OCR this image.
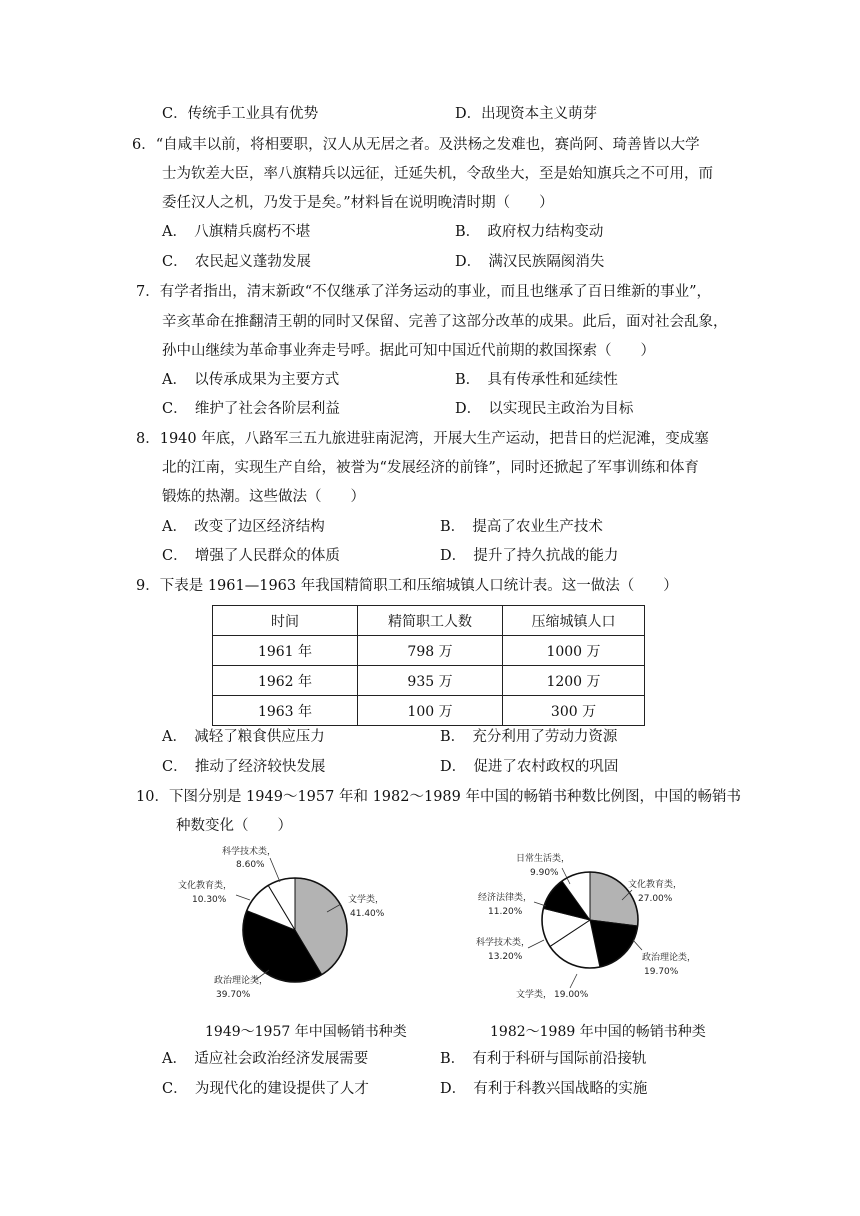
C．传统手工业具有优势	D．出现资本主义萌芽
6．“自咸丰以前，将相要职，汉人从无居之者。及洪杨之发难也，赛尚阿、琦善皆以大学
士为钦差大臣，率八旗精兵以远征，迁延失机，令敌坐大，至是始知旗兵之不可用，而
委任汉人之机，乃发于是矣。”材料旨在说明晚清时期（　　）
A．　八旗精兵腐朽不堪	B．　政府权力结构变动
C．　农民起义蓬勃发展	D．　满汉民族隔阂消失
7．有学者指出，清末新政“不仅继承了洋务运动的事业，而且也继承了百日维新的事业”，
辛亥革命在推翻清王朝的同时又保留、完善了这部分改革的成果。此后，面对社会乱象，
孙中山继续为革命事业奔走号呼。据此可知中国近代前期的救国探索（　　）
A．　以传承成果为主要方式	B．　具有传承性和延续性
C．　维护了社会各阶层利益	D．　以实现民主政治为目标
8．1940 年底，八路军三五九旅进驻南泥湾，开展大生产运动，把昔日的烂泥滩，变成塞
北的江南，实现生产自给，被誉为“发展经济的前锋”，同时还掀起了军事训练和体育
锻炼的热潮。这些做法（　　）
A．　改变了边区经济结构	B．　提高了农业生产技术
C．　增强了人民群众的体质	D．　提升了持久抗战的能力
9．下表是 1961—1963 年我国精简职工和压缩城镇人口统计表。这一做法（　　）
时间	精简职工人数	压缩城镇人口
1961 年	798 万	1000 万
1962 年	935 万	1200 万
1963 年	100 万	300 万
A．　减轻了粮食供应压力	B．　充分利用了劳动力资源
C．　推动了经济较快发展	D．　促进了农村政权的巩固
10．下图分别是 1949～1957 年和 1982～1989 年中国的畅销书种数比例图，中国的畅销书
种数变化（　　）
文学类，
41.40%
政治理论类，
39.70%
文化教育类，
10.30%
科学技术类，
8.60%
文化教育类，
27.00%
政治理论类，
19.70%
文学类， 19.00%
科学技术类，
13.20%
经济法律类，
11.20%
日常生活类，
9.90%
1949～1957 年中国畅销书种类	1982～1989 年中国的畅销书种类
A．　适应社会政治经济发展需要	B．　有利于科研与国际前沿接轨
C．　为现代化的建设提供了人才	D．　有利于科教兴国战略的实施
